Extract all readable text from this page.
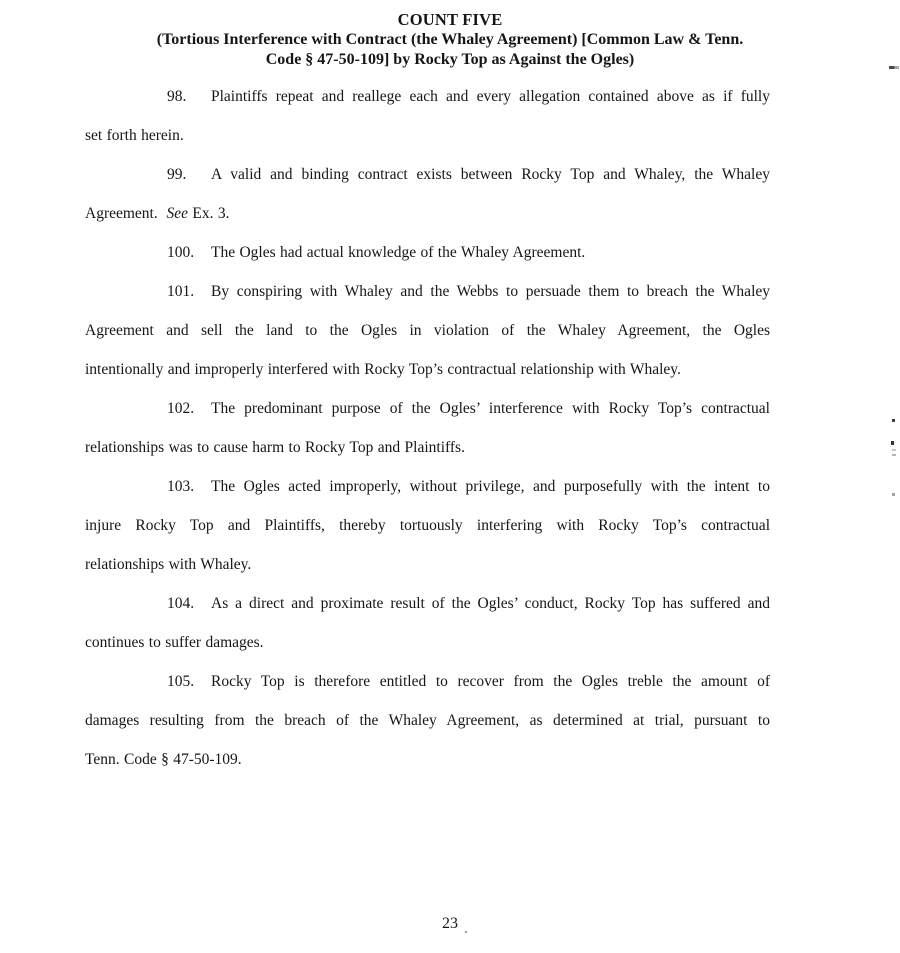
COUNT FIVE
(Tortious Interference with Contract (the Whaley Agreement) [Common Law & Tenn.
Code § 47-50-109] by Rocky Top as Against the Ogles)
98. Plaintiffs repeat and reallege each and every allegation contained above as if fully
set forth herein.
99. A valid and binding contract exists between Rocky Top and Whaley, the Whaley
Agreement.  See Ex. 3.
100. The Ogles had actual knowledge of the Whaley Agreement.
101. By conspiring with Whaley and the Webbs to persuade them to breach the Whaley
Agreement and sell the land to the Ogles in violation of the Whaley Agreement, the Ogles
intentionally and improperly interfered with Rocky Top’s contractual relationship with Whaley.
102. The predominant purpose of the Ogles’ interference with Rocky Top’s contractual
relationships was to cause harm to Rocky Top and Plaintiffs.
103. The Ogles acted improperly, without privilege, and purposefully with the intent to
injure Rocky Top and Plaintiffs, thereby tortuously interfering with Rocky Top’s contractual
relationships with Whaley.
104. As a direct and proximate result of the Ogles’ conduct, Rocky Top has suffered and
continues to suffer damages.
105. Rocky Top is therefore entitled to recover from the Ogles treble the amount of
damages resulting from the breach of the Whaley Agreement, as determined at trial, pursuant to
Tenn. Code § 47-50-109.
23
